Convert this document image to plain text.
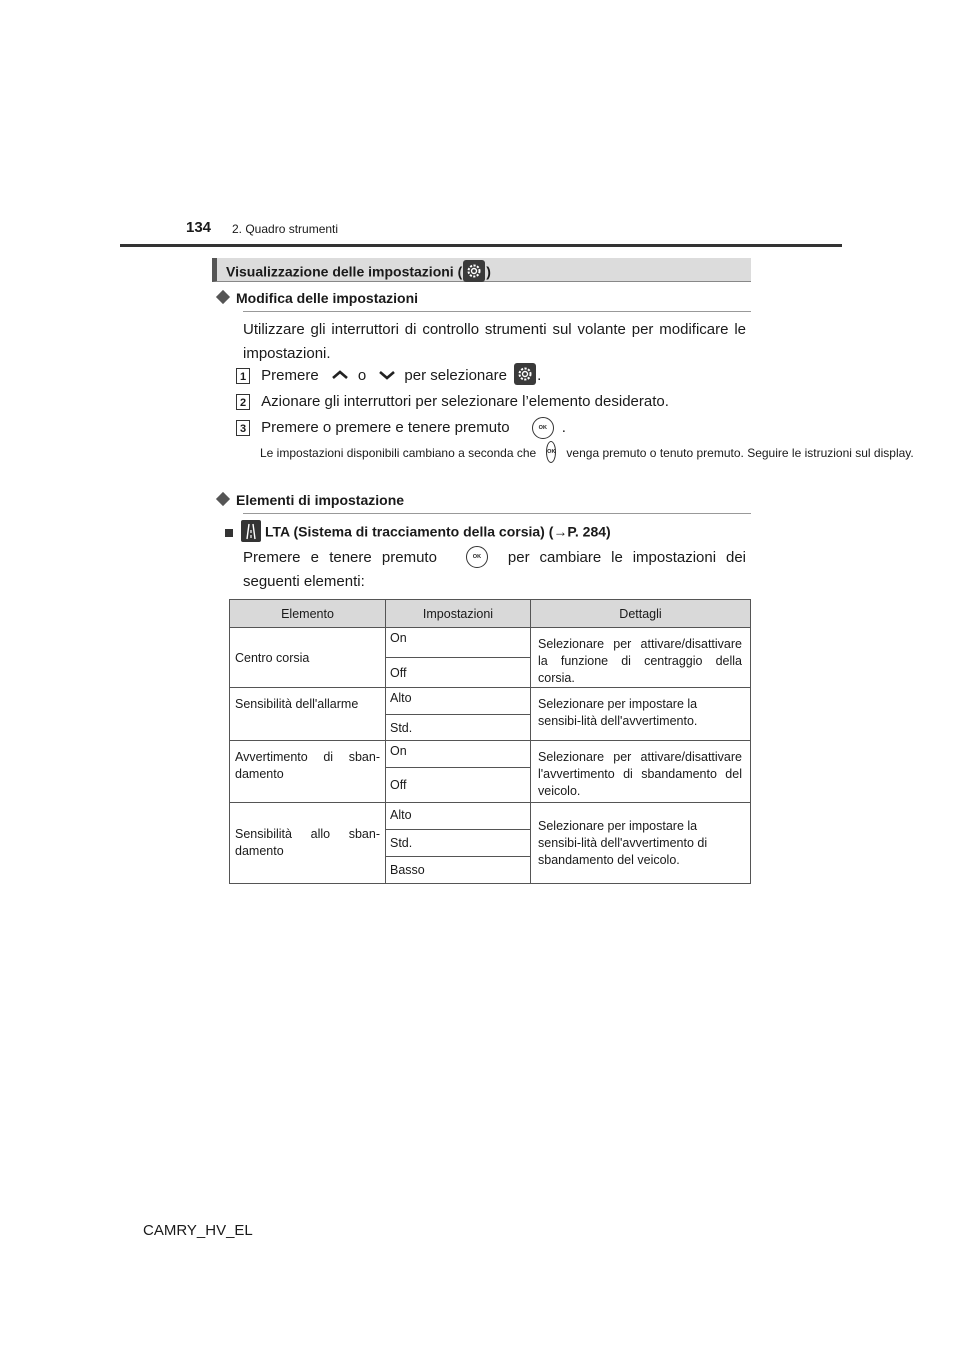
134 2. Quadro strumenti
Visualizzazione delle impostazioni ( )
Modifica delle impostazioni
Utilizzare gli interruttori di controllo strumenti sul volante per modificare le impostazioni.
1 Premere	o	per selezionare .
2 Azionare gli interruttori per selezionare l’elemento desiderato.
3 Premere o premere e tenere premuto	OK .
Le impostazioni disponibili cambiano a seconda che OK venga premuto o tenuto premuto. Seguire le istruzioni sul display.
Elementi di impostazione
LTA (Sistema di tracciamento della corsia) (→P. 284)
Premere e tenere premuto	OK	per cambiare le impostazioni dei
seguenti elementi:
Elemento	Impostazioni	Dettagli
Centro corsia	On	Selezionare per attivare/disattivare la funzione di centraggio della corsia.
	Off	
Sensibilità dell'allarme	Alto	Selezionare per impostare la sensibi-lità dell'avvertimento.
	Std.	
Avvertimento di sban-damento	On	Selezionare per attivare/disattivare l'avvertimento di sbandamento del veicolo.
	Off	
Sensibilità allo sban-damento	Alto	Selezionare per impostare la sensibi-lità dell'avvertimento di sbandamento del veicolo.
	Std.	
	Basso	
CAMRY_HV_EL
